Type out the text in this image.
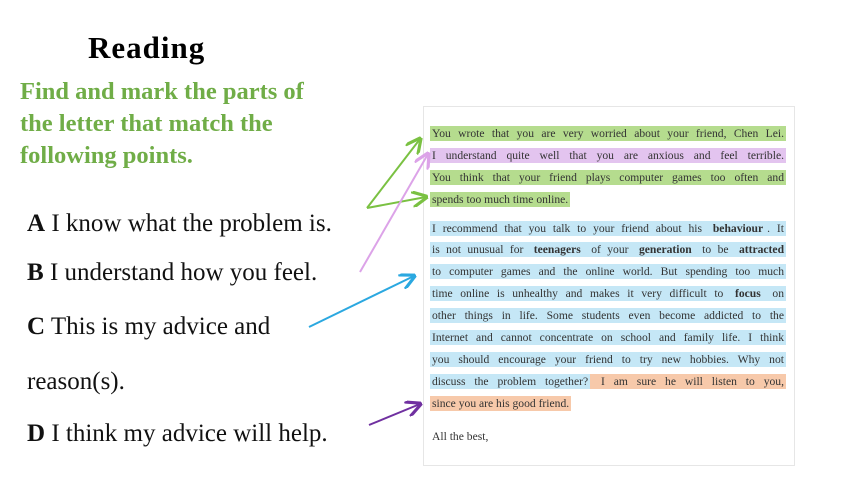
Reading
Find and mark the parts of
the letter that match the
following points.
A I know what the problem is.
B I understand how you feel.
C This is my advice and
reason(s).
D I think my advice will help.
You wrote that you are very worried about your friend, Chen Lei.
I understand quite well that you are anxious and feel terrible.
You think that your friend plays computer games too often and
spends too much time online.
I recommend that you talk to your friend about his behaviour . It
is not unusual for teenagers of your generation to be attracted
to computer games and the online world. But spending too much
time online is unhealthy and makes it very difficult to focus on
other things in life. Some students even become addicted to the
Internet and cannot concentrate on school and family life. I think
you should encourage your friend to try new hobbies. Why not
discuss the problem together? I am sure he will listen to you,
since you are his good friend.
All the best,
